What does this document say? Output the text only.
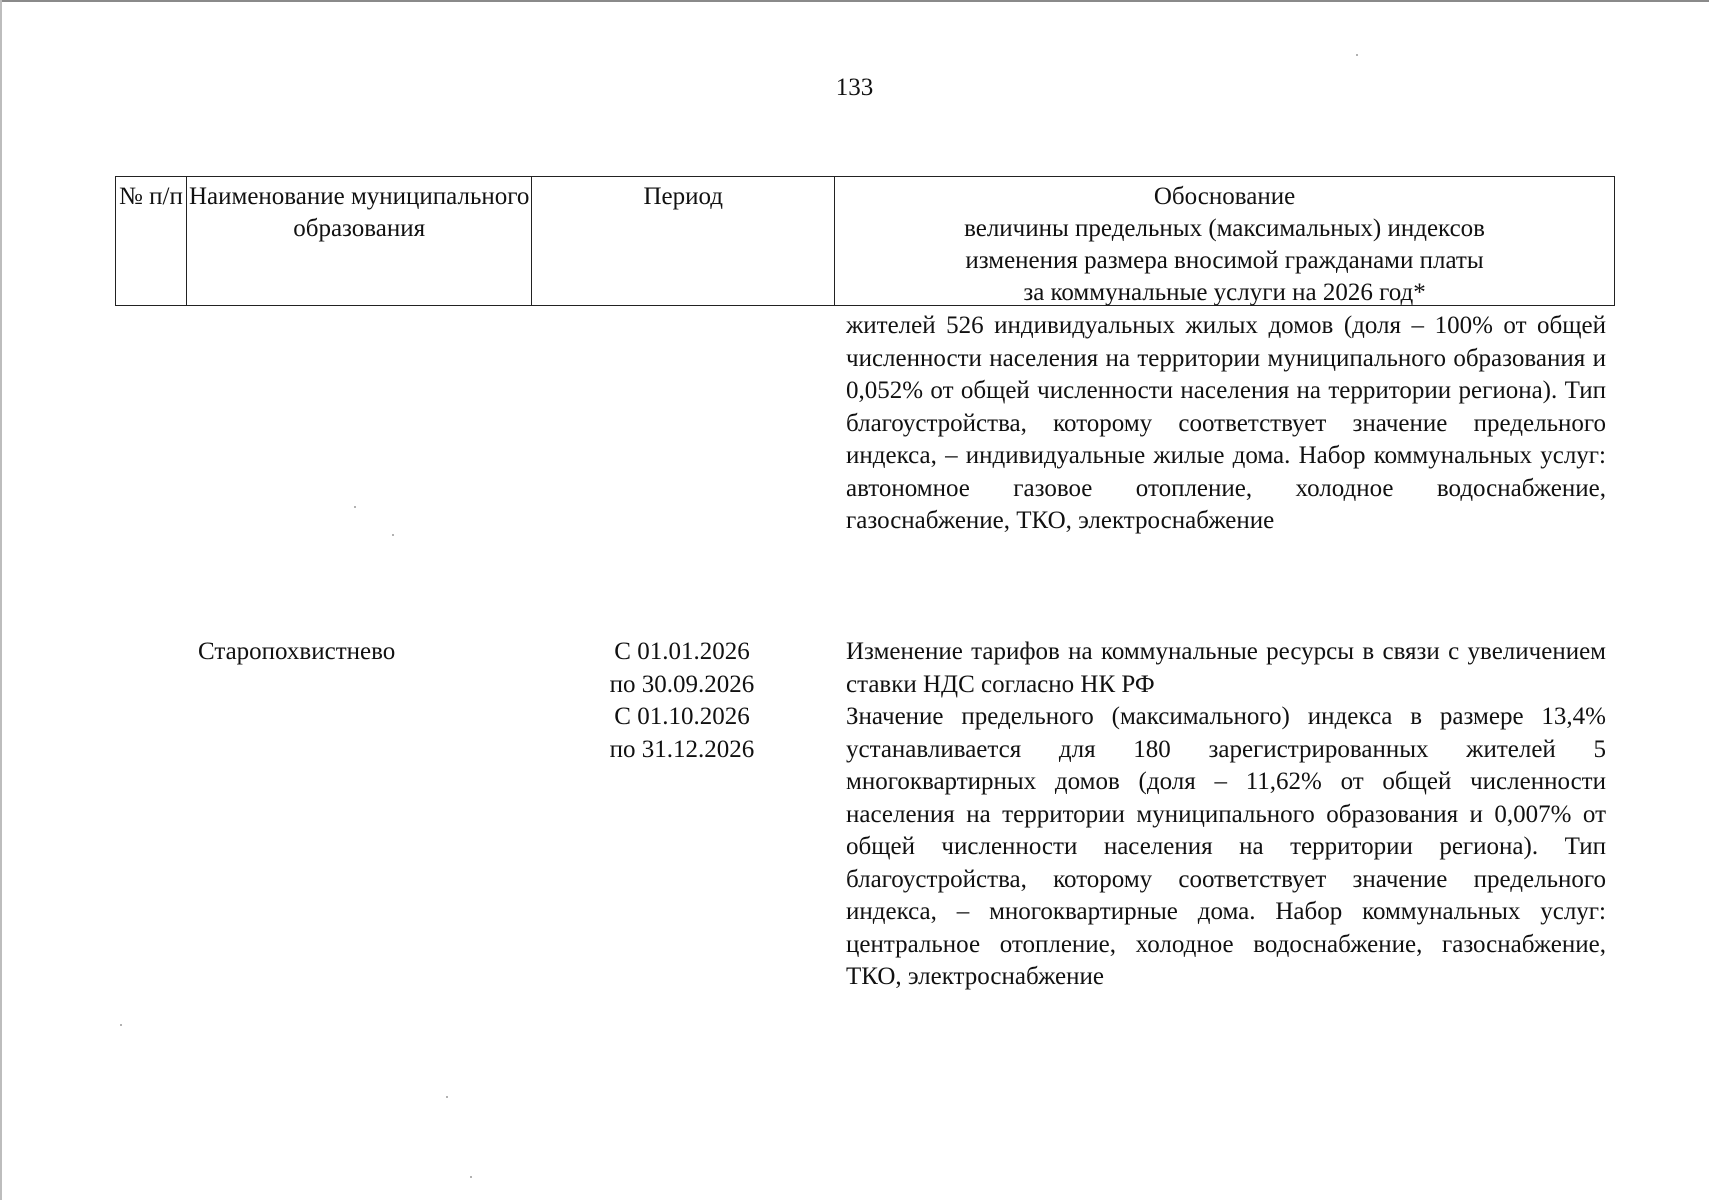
133
№ п/п Наименование муниципального образования
Период	Обоснование
величины предельных (максимальных) индексов
изменения размера вносимой гражданами платы
за коммунальные услуги на 2026 год*
жителей 526 индивидуальных жилых домов (доля – 100% от общей численности населения на территории муниципального образования и 0,052% от общей численности населения на территории региона). Тип благоустройства, которому соответствует значение предельного индекса, – индивидуальные жилые дома. Набор коммунальных услуг: автономное газовое отопление, холодное водоснабжение, газоснабжение, ТКО, электроснабжение
Старопохвистнево	С 01.01.2026
по 30.09.2026
С 01.10.2026
по 31.12.2026
Изменение тарифов на коммунальные ресурсы в связи с увеличением ставки НДС согласно НК РФ
Значение предельного (максимального) индекса в размере 13,4% устанавливается для 180 зарегистрированных жителей 5 многоквартирных домов (доля – 11,62% от общей численности населения на территории муниципального образования и 0,007% от общей численности населения на территории региона). Тип благоустройства, которому соответствует значение предельного индекса, – многоквартирные дома. Набор коммунальных услуг: центральное отопление, холодное водоснабжение, газоснабжение, ТКО, электроснабжение
